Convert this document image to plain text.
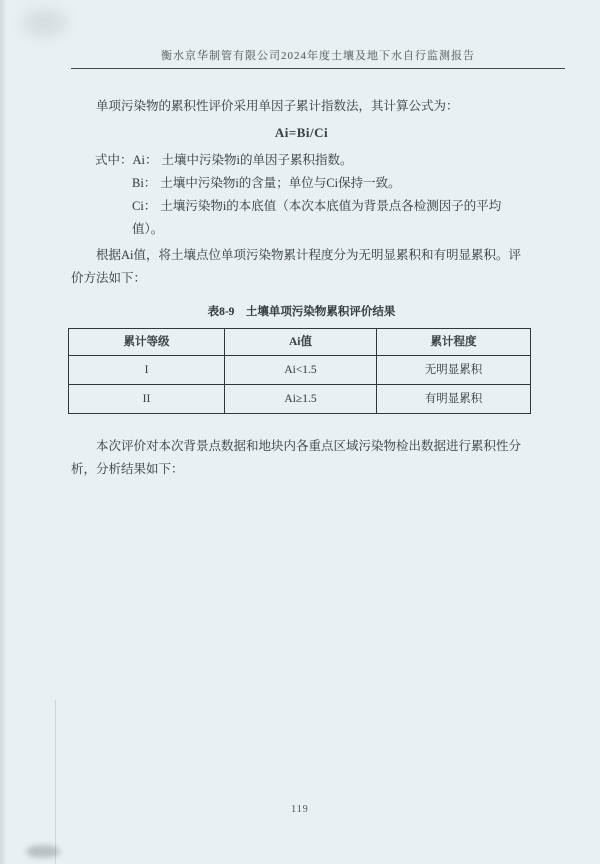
衡水京华制管有限公司2024年度土壤及地下水自行监测报告

单项污染物的累积性评价采用单因子累计指数法，其计算公式为：

Ai=Bi/Ci
式中：Ai： 土壤中污染物i的单因子累积指数。
Bi： 土壤中污染物i的含量；单位与Ci保持一致。
Ci： 土壤污染物i的本底值（本次本底值为背景点各检测因子的平均值）。

根据Ai值，将土壤点位单项污染物累计程度分为无明显累积和有明显累积。评价方法如下：

表8-9　土壤单项污染物累积评价结果
累计等级	Ai值	累计程度
I	Ai<1.5	无明显累积
II	Ai≥1.5	有明显累积

本次评价对本次背景点数据和地块内各重点区域污染物检出数据进行累积性分析，分析结果如下：

119
